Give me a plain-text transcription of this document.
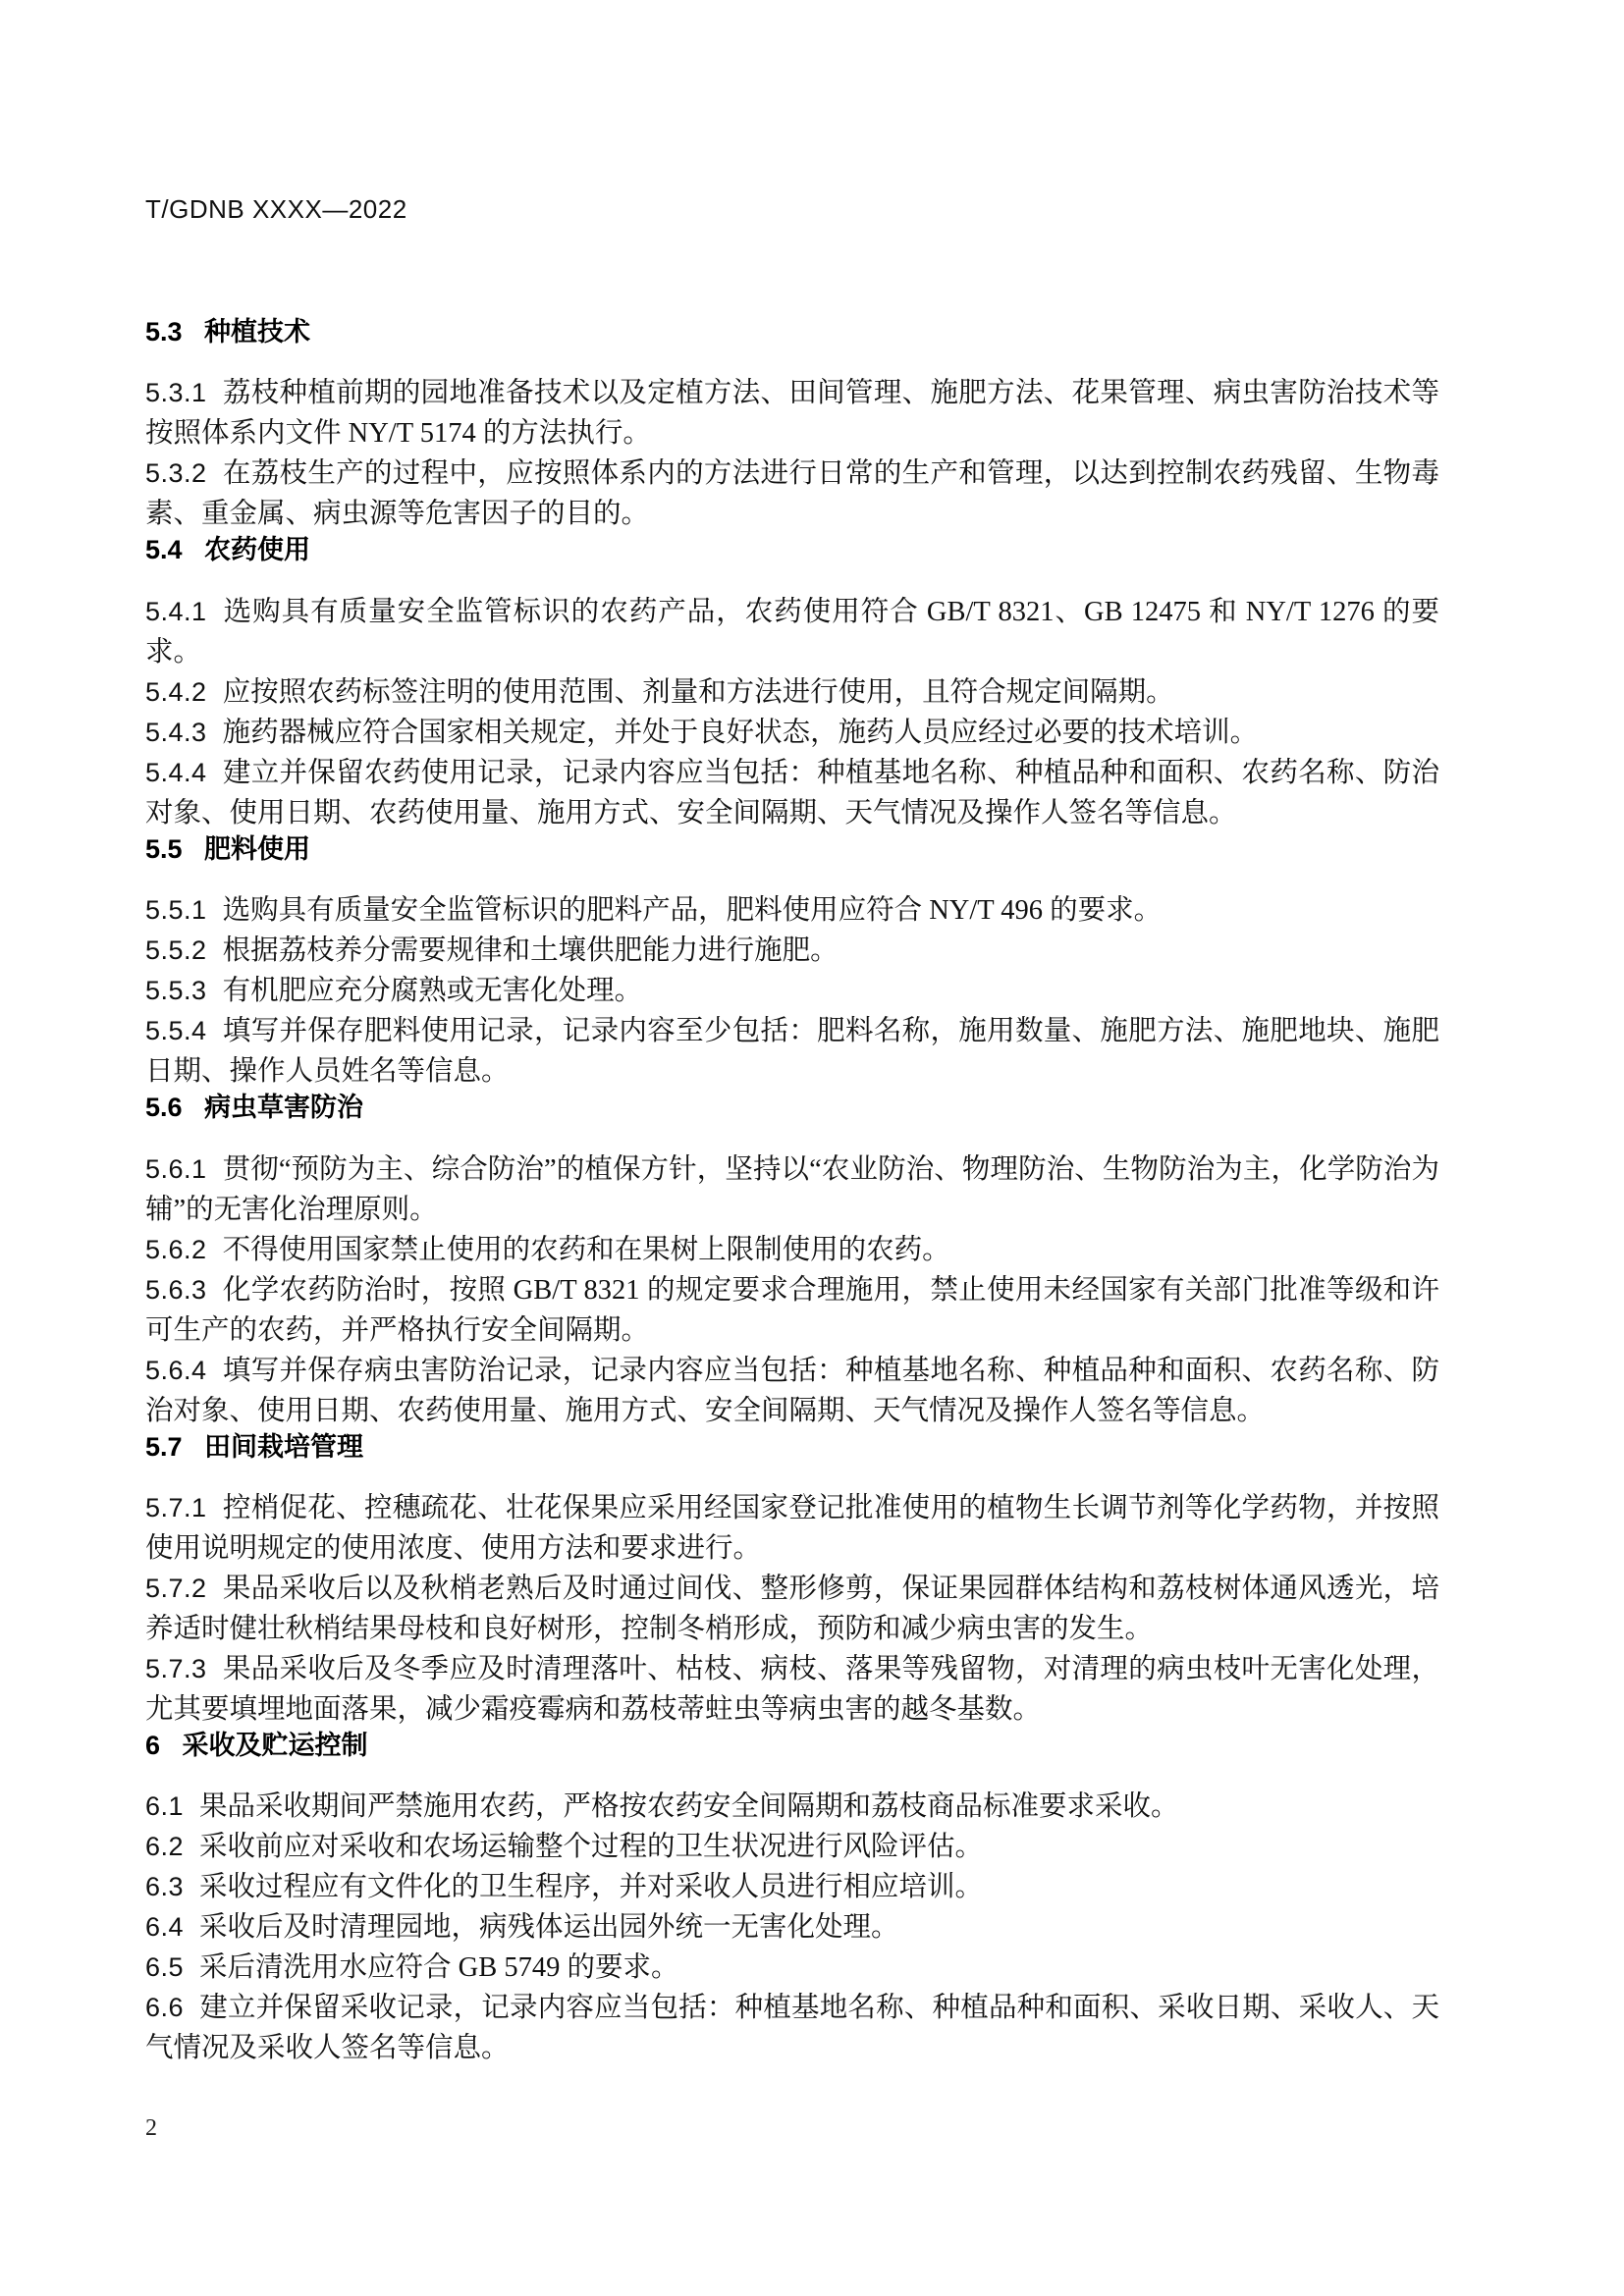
T/GDNB XXXX—2022
5.3   种植技术

5.3.1 荔枝种植前期的园地准备技术以及定植方法、田间管理、施肥方法、花果管理、病虫害防治技术等按照体系内文件 NY/T 5174 的方法执行。

5.3.2 在荔枝生产的过程中，应按照体系内的方法进行日常的生产和管理，以达到控制农药残留、生物毒素、重金属、病虫源等危害因子的目的。

5.4   农药使用

5.4.1 选购具有质量安全监管标识的农药产品，农药使用符合 GB/T 8321、GB 12475 和 NY/T 1276 的要求。

5.4.2 应按照农药标签注明的使用范围、剂量和方法进行使用，且符合规定间隔期。

5.4.3 施药器械应符合国家相关规定，并处于良好状态，施药人员应经过必要的技术培训。

5.4.4 建立并保留农药使用记录，记录内容应当包括：种植基地名称、种植品种和面积、农药名称、防治对象、使用日期、农药使用量、施用方式、安全间隔期、天气情况及操作人签名等信息。

5.5   肥料使用

5.5.1 选购具有质量安全监管标识的肥料产品，肥料使用应符合 NY/T 496 的要求。

5.5.2 根据荔枝养分需要规律和土壤供肥能力进行施肥。

5.5.3 有机肥应充分腐熟或无害化处理。

5.5.4 填写并保存肥料使用记录，记录内容至少包括：肥料名称，施用数量、施肥方法、施肥地块、施肥日期、操作人员姓名等信息。

5.6   病虫草害防治

5.6.1 贯彻“预防为主、综合防治”的植保方针，坚持以“农业防治、物理防治、生物防治为主，化学防治为辅”的无害化治理原则。

5.6.2 不得使用国家禁止使用的农药和在果树上限制使用的农药。

5.6.3 化学农药防治时，按照 GB/T 8321 的规定要求合理施用，禁止使用未经国家有关部门批准等级和许可生产的农药，并严格执行安全间隔期。

5.6.4 填写并保存病虫害防治记录，记录内容应当包括：种植基地名称、种植品种和面积、农药名称、防治对象、使用日期、农药使用量、施用方式、安全间隔期、天气情况及操作人签名等信息。

5.7   田间栽培管理

5.7.1 控梢促花、控穗疏花、壮花保果应采用经国家登记批准使用的植物生长调节剂等化学药物，并按照使用说明规定的使用浓度、使用方法和要求进行。

5.7.2 果品采收后以及秋梢老熟后及时通过间伐、整形修剪，保证果园群体结构和荔枝树体通风透光，培养适时健壮秋梢结果母枝和良好树形，控制冬梢形成，预防和减少病虫害的发生。

5.7.3 果品采收后及冬季应及时清理落叶、枯枝、病枝、落果等残留物，对清理的病虫枝叶无害化处理，尤其要填埋地面落果，减少霜疫霉病和荔枝蒂蛀虫等病虫害的越冬基数。

6   采收及贮运控制

6.1 果品采收期间严禁施用农药，严格按农药安全间隔期和荔枝商品标准要求采收。

6.2 采收前应对采收和农场运输整个过程的卫生状况进行风险评估。

6.3 采收过程应有文件化的卫生程序，并对采收人员进行相应培训。

6.4 采收后及时清理园地，病残体运出园外统一无害化处理。

6.5 采后清洗用水应符合 GB 5749 的要求。

6.6 建立并保留采收记录，记录内容应当包括：种植基地名称、种植品种和面积、采收日期、采收人、天气情况及采收人签名等信息。

2
